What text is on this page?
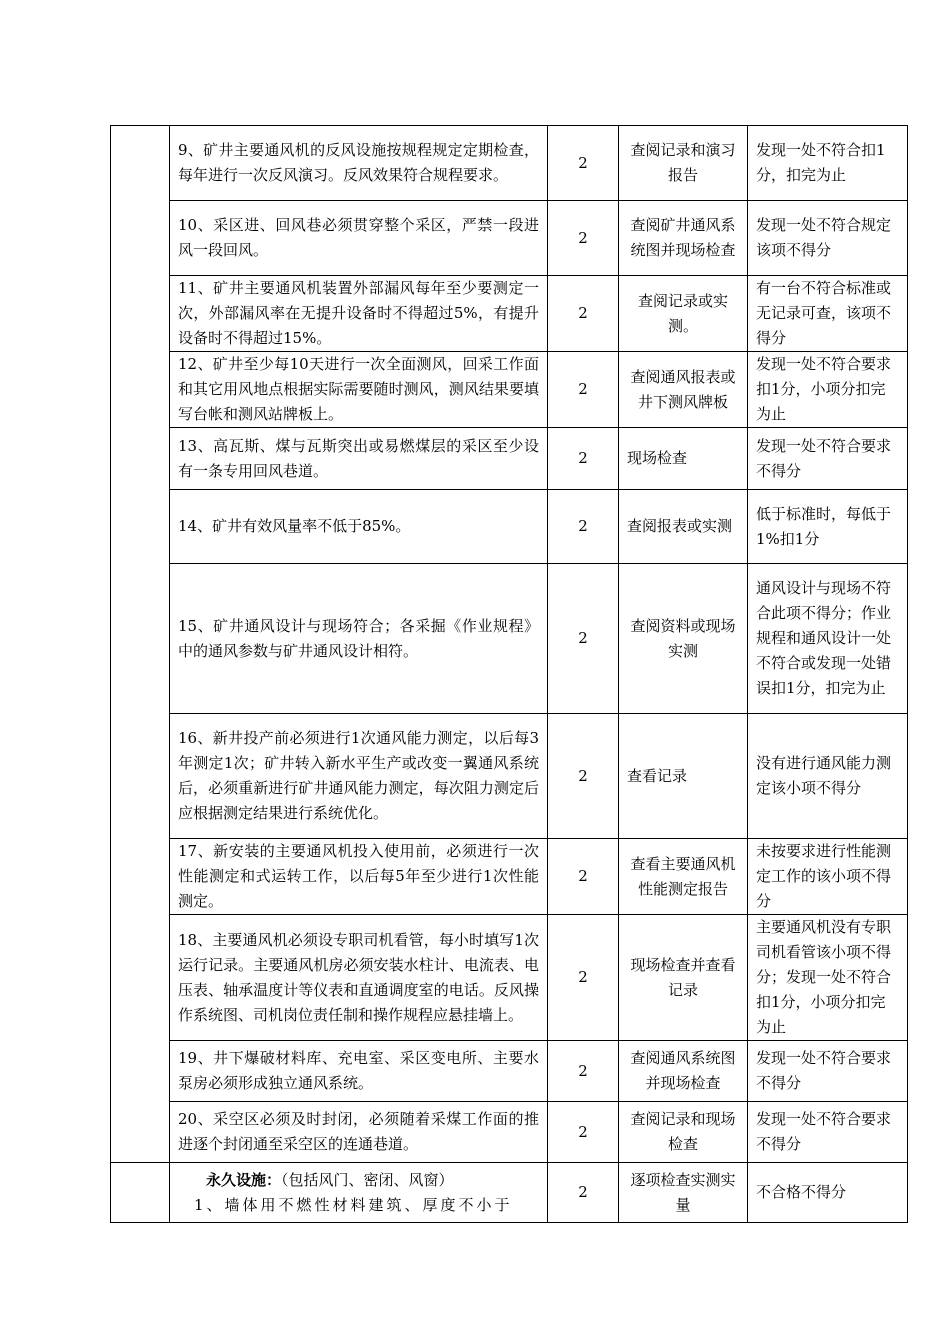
	9、矿井主要通风机的反风设施按规程规定定期检查，每年进行一次反风演习。反风效果符合规程要求。	2	查阅记录和演习报告	发现一处不符合扣1分，扣完为止
	10、采区进、回风巷必须贯穿整个采区，严禁一段进风一段回风。	2	查阅矿井通风系统图并现场检查	发现一处不符合规定该项不得分
	11、矿井主要通风机装置外部漏风每年至少要测定一次，外部漏风率在无提升设备时不得超过5%，有提升设备时不得超过15%。	2	查阅记录或实测。	有一台不符合标准或无记录可查，该项不得分
	12、矿井至少每10天进行一次全面测风，回采工作面和其它用风地点根据实际需要随时测风，测风结果要填写台帐和测风站牌板上。	2	查阅通风报表或井下测风牌板	发现一处不符合要求扣1分，小项分扣完为止
	13、高瓦斯、煤与瓦斯突出或易燃煤层的采区至少设有一条专用回风巷道。	2	现场检查	发现一处不符合要求不得分
	14、矿井有效风量率不低于85%。	2	查阅报表或实测	低于标准时，每低于1%扣1分
	15、矿井通风设计与现场符合；各采掘《作业规程》中的通风参数与矿井通风设计相符。	2	查阅资料或现场实测	通风设计与现场不符合此项不得分；作业规程和通风设计一处不符合或发现一处错误扣1分，扣完为止
	16、新井投产前必须进行1次通风能力测定，以后每3年测定1次；矿井转入新水平生产或改变一翼通风系统后，必须重新进行矿井通风能力测定，每次阻力测定后应根据测定结果进行系统优化。	2	查看记录	没有进行通风能力测定该小项不得分
	17、新安装的主要通风机投入使用前，必须进行一次性能测定和式运转工作，以后每5年至少进行1次性能测定。	2	查看主要通风机性能测定报告	未按要求进行性能测定工作的该小项不得分
	18、主要通风机必须设专职司机看管，每小时填写1次运行记录。主要通风机房必须安装水柱计、电流表、电压表、轴承温度计等仪表和直通调度室的电话。反风操作系统图、司机岗位责任制和操作规程应悬挂墙上。	2	现场检查并查看记录	主要通风机没有专职司机看管该小项不得分；发现一处不符合扣1分，小项分扣完为止
	19、井下爆破材料库、充电室、采区变电所、主要水泵房必须形成独立通风系统。	2	查阅通风系统图并现场检查	发现一处不符合要求不得分
	20、采空区必须及时封闭，必须随着采煤工作面的推进逐个封闭通至采空区的连通巷道。	2	查阅记录和现场检查	发现一处不符合要求不得分

	永久设施：（包括风门、密闭、风窗）
1、墙体用不燃性材料建筑、厚度不小于	2	逐项检查实测实量	不合格不得分
